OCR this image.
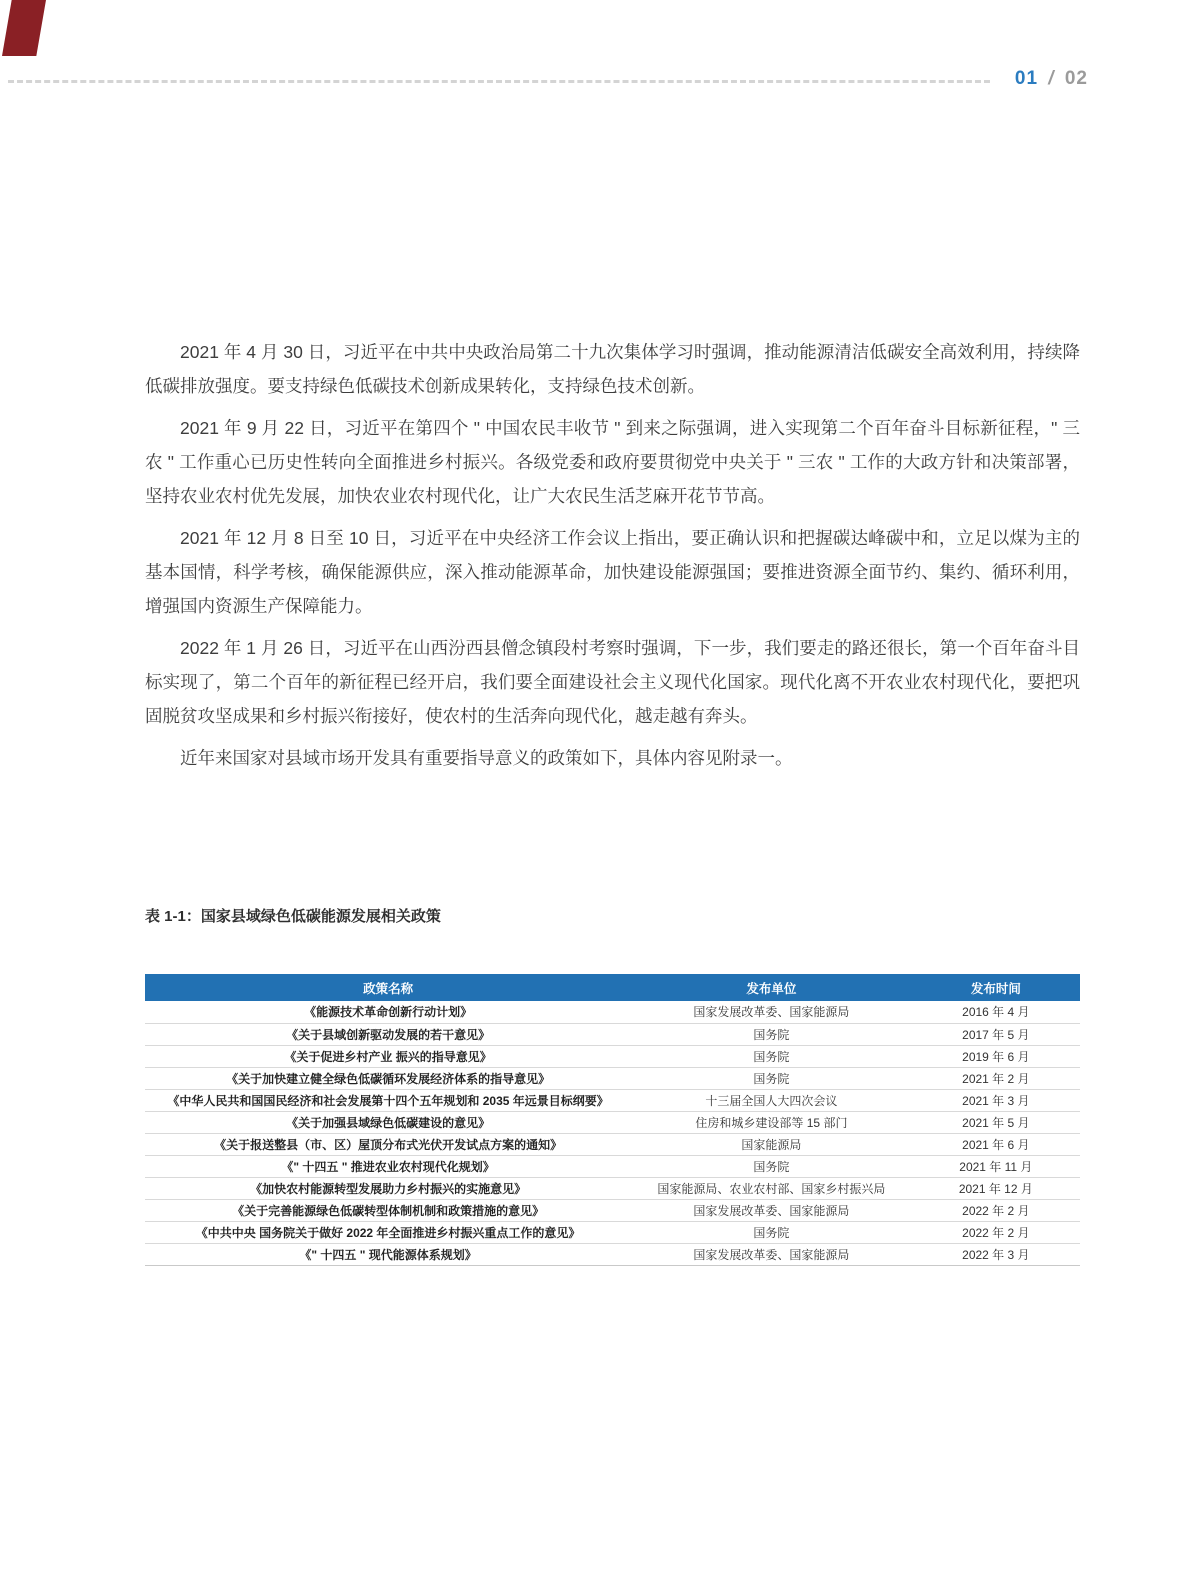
01 / 02

2021 年 4 月 30 日，习近平在中共中央政治局第二十九次集体学习时强调，推动能源清洁低碳安全高效利用，持续降低碳排放强度。要支持绿色低碳技术创新成果转化，支持绿色技术创新。

2021 年 9 月 22 日，习近平在第四个 " 中国农民丰收节 " 到来之际强调，进入实现第二个百年奋斗目标新征程，" 三农 " 工作重心已历史性转向全面推进乡村振兴。各级党委和政府要贯彻党中央关于 " 三农 " 工作的大政方针和决策部署，坚持农业农村优先发展，加快农业农村现代化，让广大农民生活芝麻开花节节高。

2021 年 12 月 8 日至 10 日，习近平在中央经济工作会议上指出，要正确认识和把握碳达峰碳中和，立足以煤为主的基本国情，科学考核，确保能源供应，深入推动能源革命，加快建设能源强国；要推进资源全面节约、集约、循环利用，增强国内资源生产保障能力。

2022 年 1 月 26 日，习近平在山西汾西县僧念镇段村考察时强调，下一步，我们要走的路还很长，第一个百年奋斗目标实现了，第二个百年的新征程已经开启，我们要全面建设社会主义现代化国家。现代化离不开农业农村现代化，要把巩固脱贫攻坚成果和乡村振兴衔接好，使农村的生活奔向现代化，越走越有奔头。

近年来国家对县域市场开发具有重要指导意义的政策如下，具体内容见附录一。

表 1-1：国家县域绿色低碳能源发展相关政策
政策名称	发布单位	发布时间
《能源技术革命创新行动计划》	国家发展改革委、国家能源局	2016 年 4 月
《关于县域创新驱动发展的若干意见》	国务院	2017 年 5 月
《关于促进乡村产业 振兴的指导意见》	国务院	2019 年 6 月
《关于加快建立健全绿色低碳循环发展经济体系的指导意见》	国务院	2021 年 2 月
《中华人民共和国国民经济和社会发展第十四个五年规划和 2035 年远景目标纲要》	十三届全国人大四次会议	2021 年 3 月
《关于加强县域绿色低碳建设的意见》	住房和城乡建设部等 15 部门	2021 年 5 月
《关于报送整县（市、区）屋顶分布式光伏开发试点方案的通知》	国家能源局	2021 年 6 月
《" 十四五 " 推进农业农村现代化规划》	国务院	2021 年 11 月
《加快农村能源转型发展助力乡村振兴的实施意见》	国家能源局、农业农村部、国家乡村振兴局	2021 年 12 月
《关于完善能源绿色低碳转型体制机制和政策措施的意见》	国家发展改革委、国家能源局	2022 年 2 月
《中共中央 国务院关于做好 2022 年全面推进乡村振兴重点工作的意见》	国务院	2022 年 2 月
《" 十四五 " 现代能源体系规划》	国家发展改革委、国家能源局	2022 年 3 月
